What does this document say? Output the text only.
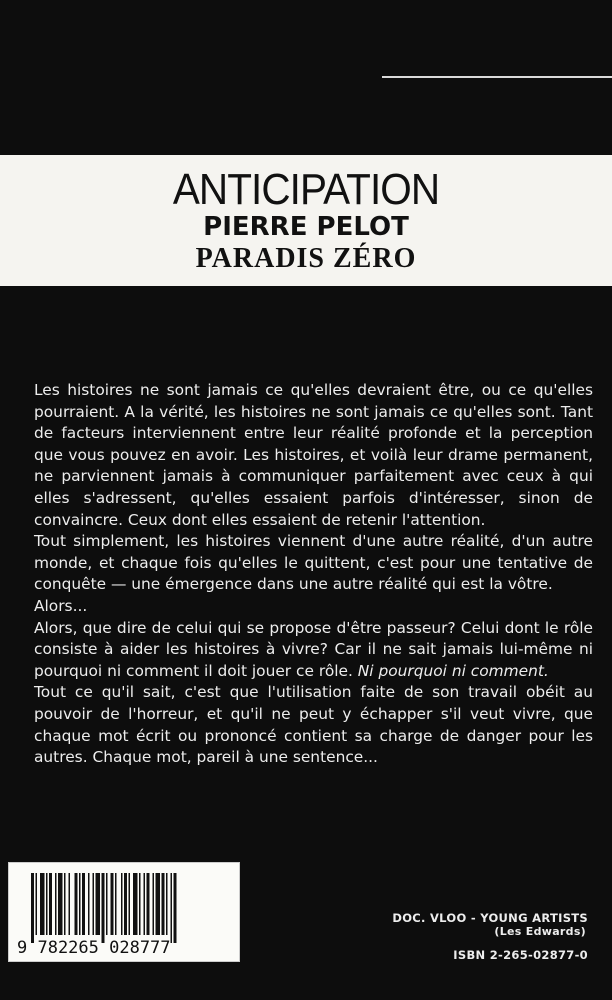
ANTICIPATION
PIERRE PELOT
PARADIS ZÉRO

Les histoires ne sont jamais ce qu'elles devraient être, ou ce qu'elles pourraient. A la vérité, les histoires ne sont jamais ce qu'elles sont. Tant de facteurs interviennent entre leur réalité profonde et la perception que vous pouvez en avoir. Les histoires, et voilà leur drame permanent, ne parviennent jamais à communiquer parfaitement avec ceux à qui elles s'adressent, qu'elles essaient parfois d'intéresser, sinon de convaincre. Ceux dont elles essaient de retenir l'attention.

Tout simplement, les histoires viennent d'une autre réalité, d'un autre monde, et chaque fois qu'elles le quittent, c'est pour une tentative de conquête — une émergence dans une autre réalité qui est la vôtre.

Alors...

Alors, que dire de celui qui se propose d'être passeur? Celui dont le rôle consiste à aider les histoires à vivre? Car il ne sait jamais lui-même ni pourquoi ni comment il doit jouer ce rôle. Ni pourquoi ni comment.

Tout ce qu'il sait, c'est que l'utilisation faite de son travail obéit au pouvoir de l'horreur, et qu'il ne peut y échapper s'il veut vivre, que chaque mot écrit ou prononcé contient sa charge de danger pour les autres. Chaque mot, pareil à une sentence...

9 782265 028777
DOC. VLOO - YOUNG ARTISTS
(Les Edwards)
ISBN 2-265-02877-0
